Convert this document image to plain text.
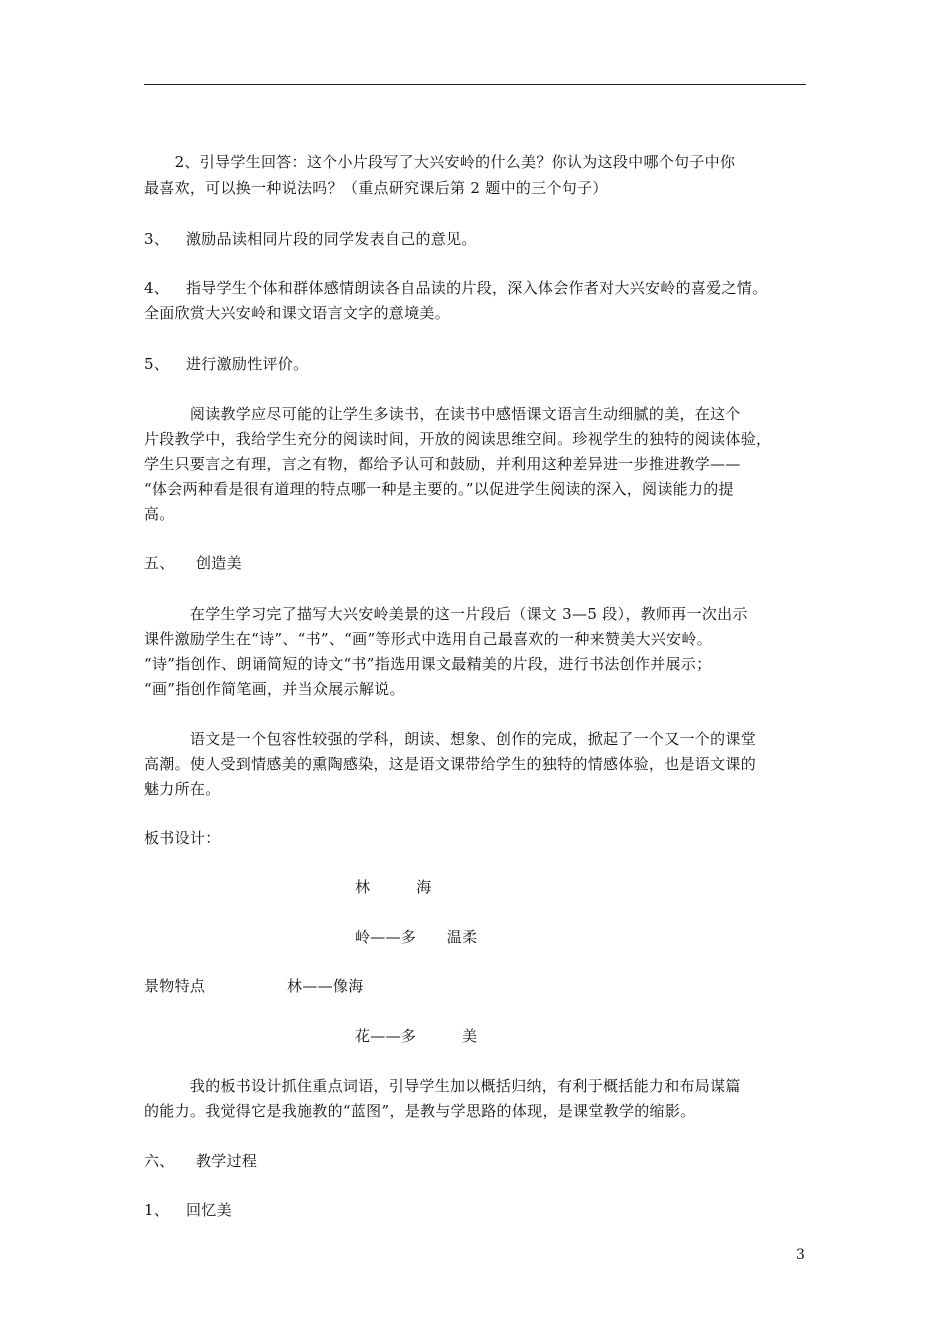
　　2、引导学生回答：这个小片段写了大兴安岭的什么美？你认为这段中哪个句子中你
最喜欢，可以换一种说法吗？（重点研究课后第 2 题中的三个句子）
3、 激励品读相同片段的同学发表自己的意见。
4、 指导学生个体和群体感情朗读各自品读的片段，深入体会作者对大兴安岭的喜爱之情。
全面欣赏大兴安岭和课文语言文字的意境美。
5、 进行激励性评价。
　　　阅读教学应尽可能的让学生多读书，在读书中感悟课文语言生动细腻的美，在这个
片段教学中，我给学生充分的阅读时间，开放的阅读思维空间。珍视学生的独特的阅读体验，
学生只要言之有理，言之有物，都给予认可和鼓励，并利用这种差异进一步推进教学——
“体会两种看是很有道理的特点哪一种是主要的。”以促进学生阅读的深入，阅读能力的提
高。
五、 创造美
　　　在学生学习完了描写大兴安岭美景的这一片段后（课文 3—5 段），教师再一次出示
课件激励学生在“诗”、“书”、“画”等形式中选用自己最喜欢的一种来赞美大兴安岭。
“诗”指创作、朗诵简短的诗文“书”指选用课文最精美的片段，进行书法创作并展示；
“画”指创作简笔画，并当众展示解说。
　　　语文是一个包容性较强的学科，朗读、想象、创作的完成，掀起了一个又一个的课堂
高潮。使人受到情感美的熏陶感染，这是语文课带给学生的独特的情感体验，也是语文课的
魅力所在。
板书设计：
林　　　海
岭——多　　温柔
景物特点	林——像海
花——多　　　美
　　　我的板书设计抓住重点词语，引导学生加以概括归纳，有利于概括能力和布局谋篇
的能力。我觉得它是我施教的“蓝图”，是教与学思路的体现，是课堂教学的缩影。
六、 教学过程
1、 回忆美
3
